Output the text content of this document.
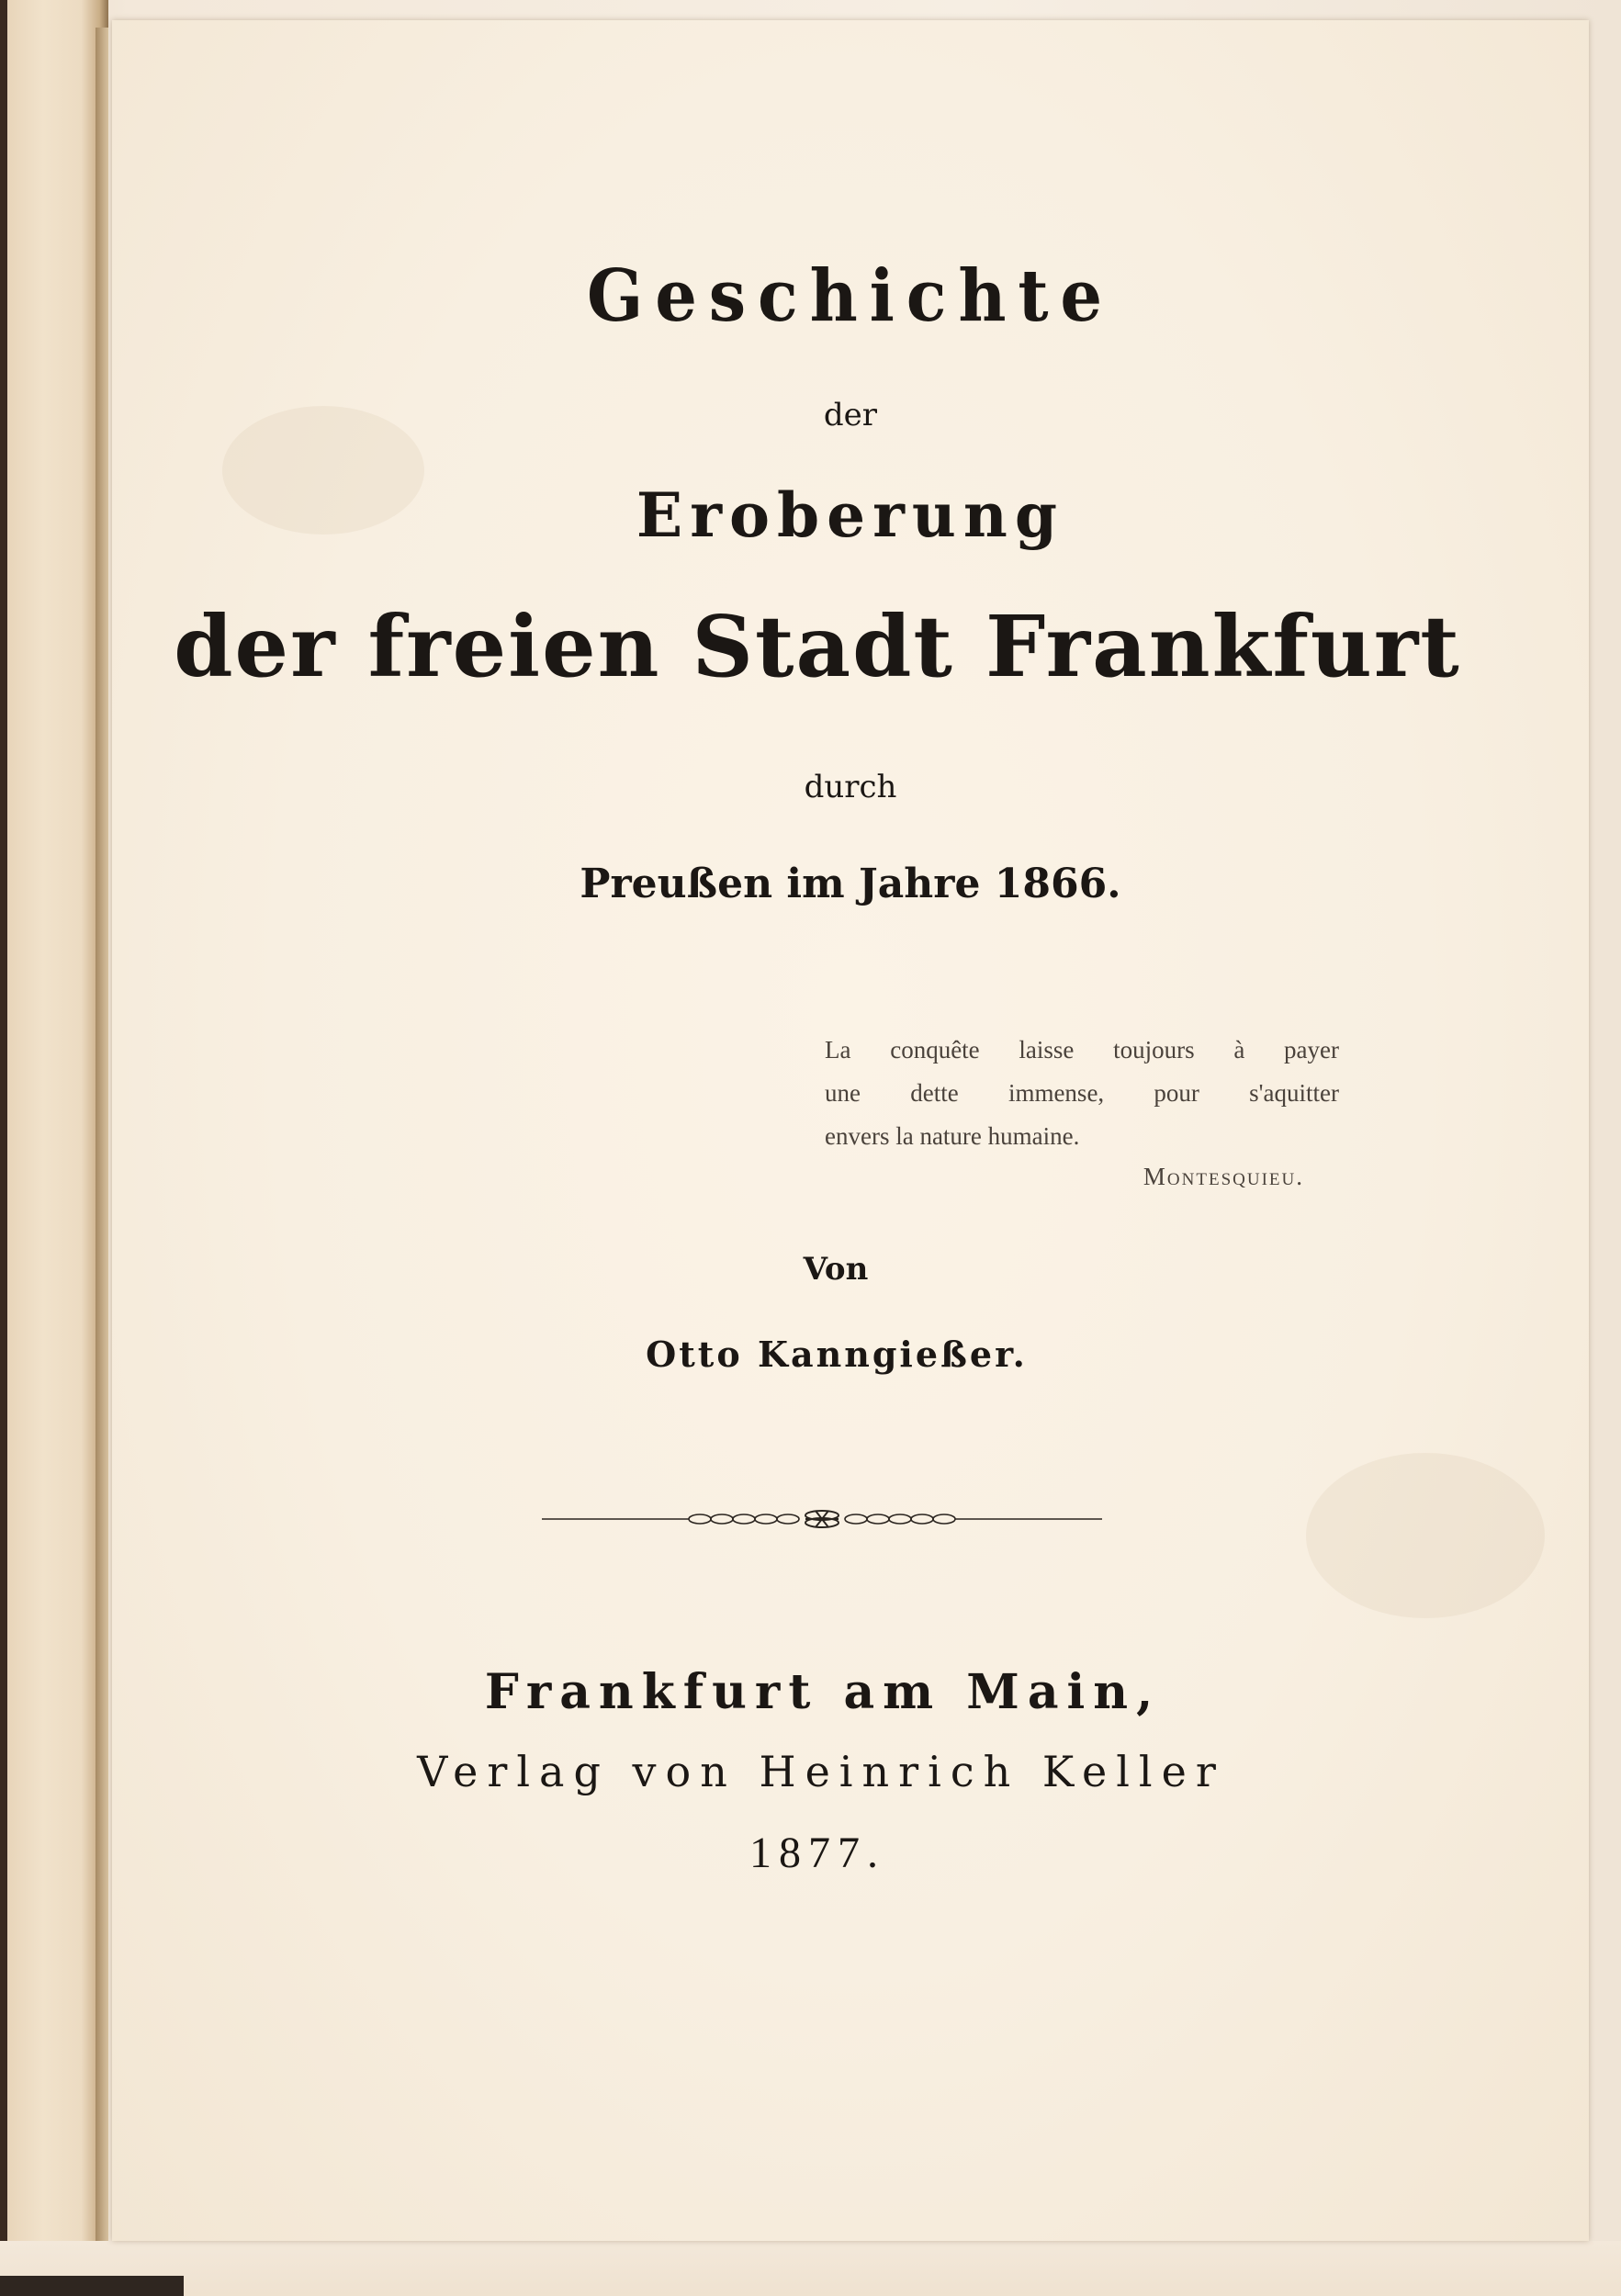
Geschichte
der
Eroberung
der freien Stadt Frankfurt
durch
Preußen im Jahre 1866.
La conquête laisse toujours à payer
une dette immense, pour s'aquitter
envers la nature humaine.
Montesquieu.
Von
Otto Kanngießer.
Frankfurt am Main,
Verlag von Heinrich Keller
1877.
